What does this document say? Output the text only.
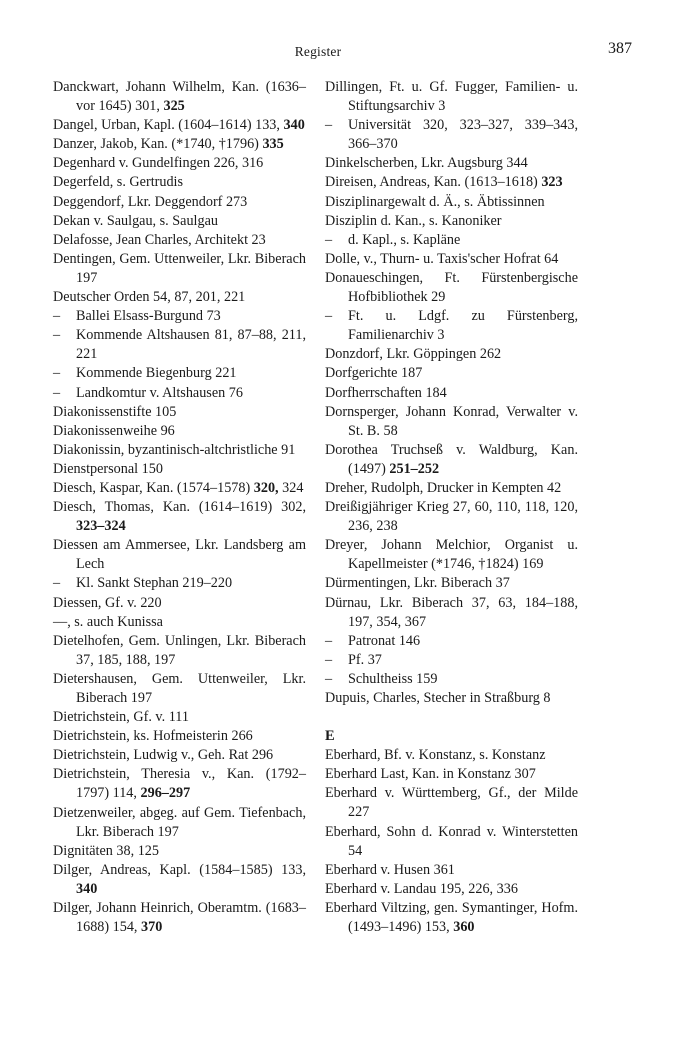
Register	387
Danckwart, Johann Wilhelm, Kan. (1636– vor 1645) 301, 325
Dangel, Urban, Kapl. (1604–1614) 133, 340
Danzer, Jakob, Kan. (*1740, †1796) 335
Degenhard v. Gundelfingen 226, 316
Degerfeld, s. Gertrudis
Deggendorf, Lkr. Deggendorf 273
Dekan v. Saulgau, s. Saulgau
Delafosse, Jean Charles, Architekt 23
Dentingen, Gem. Uttenweiler, Lkr. Biberach 197
Deutscher Orden 54, 87, 201, 221
– Ballei Elsass-Burgund 73
– Kommende Altshausen 81, 87–88, 211, 221
– Kommende Biegenburg 221
– Landkomtur v. Altshausen 76
Diakonissenstifte 105
Diakonissenweihe 96
Diakonissin, byzantinisch-altchristliche 91
Dienstpersonal 150
Diesch, Kaspar, Kan. (1574–1578) 320, 324
Diesch, Thomas, Kan. (1614–1619) 302, 323–324
Diessen am Ammersee, Lkr. Landsberg am Lech
– Kl. Sankt Stephan 219–220
Diessen, Gf. v. 220
—, s. auch Kunissa
Dietelhofen, Gem. Unlingen, Lkr. Biberach 37, 185, 188, 197
Dietershausen, Gem. Uttenweiler, Lkr. Biberach 197
Dietrichstein, Gf. v. 111
Dietrichstein, ks. Hofmeisterin 266
Dietrichstein, Ludwig v., Geh. Rat 296
Dietrichstein, Theresia v., Kan. (1792–1797) 114, 296–297
Dietzenweiler, abgeg. auf Gem. Tiefenbach, Lkr. Biberach 197
Dignitäten 38, 125
Dilger, Andreas, Kapl. (1584–1585) 133, 340
Dilger, Johann Heinrich, Oberamtm. (1683–1688) 154, 370
Dillingen, Ft. u. Gf. Fugger, Familien- u. Stiftungsarchiv 3
– Universität 320, 323–327, 339–343, 366–370
Dinkelscherben, Lkr. Augsburg 344
Direisen, Andreas, Kan. (1613–1618) 323
Disziplinargewalt d. Ä., s. Äbtissinnen
Disziplin d. Kan., s. Kanoniker
– d. Kapl., s. Kapläne
Dolle, v., Thurn- u. Taxis'scher Hofrat 64
Donaueschingen, Ft. Fürstenbergische Hofbibliothek 29
– Ft. u. Ldgf. zu Fürstenberg, Familienarchiv 3
Donzdorf, Lkr. Göppingen 262
Dorfgerichte 187
Dorfherrschaften 184
Dornsperger, Johann Konrad, Verwalter v. St. B. 58
Dorothea Truchseß v. Waldburg, Kan. (1497) 251–252
Dreher, Rudolph, Drucker in Kempten 42
Dreißigjähriger Krieg 27, 60, 110, 118, 120, 236, 238
Dreyer, Johann Melchior, Organist u. Kapellmeister (*1746, †1824) 169
Dürmentingen, Lkr. Biberach 37
Dürnau, Lkr. Biberach 37, 63, 184–188, 197, 354, 367
– Patronat 146
– Pf. 37
– Schultheiss 159
Dupuis, Charles, Stecher in Straßburg 8
E
Eberhard, Bf. v. Konstanz, s. Konstanz
Eberhard Last, Kan. in Konstanz 307
Eberhard v. Württemberg, Gf., der Milde 227
Eberhard, Sohn d. Konrad v. Winterstetten 54
Eberhard v. Husen 361
Eberhard v. Landau 195, 226, 336
Eberhard Viltzing, gen. Symantinger, Hofm. (1493–1496) 153, 360
